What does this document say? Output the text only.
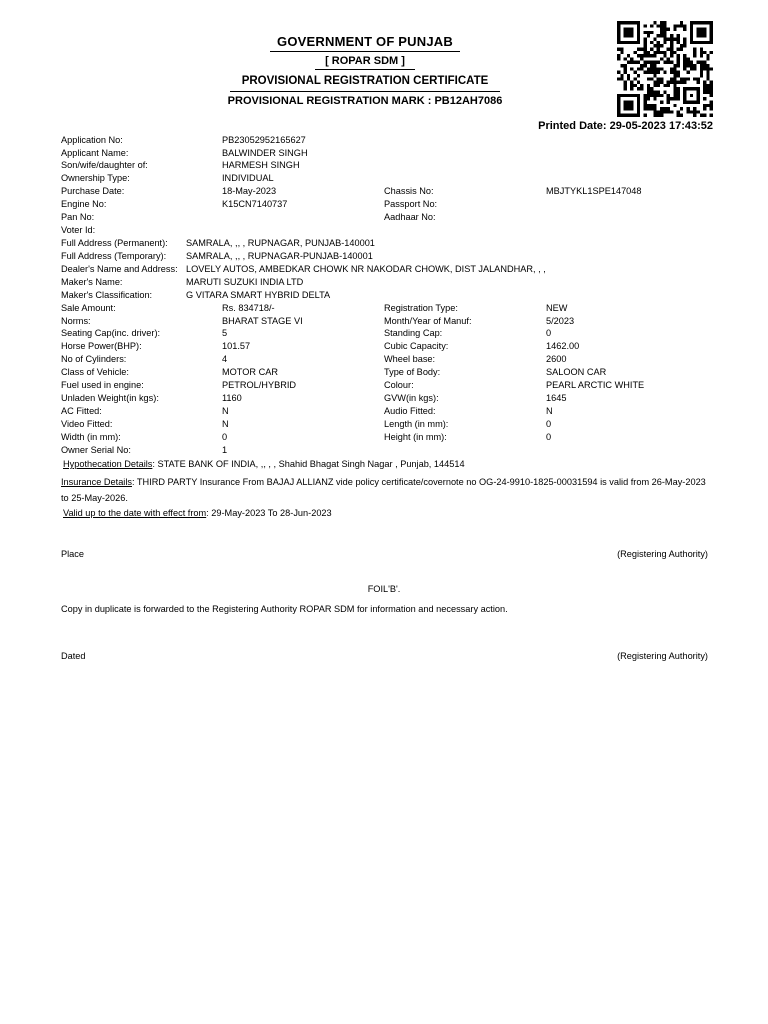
GOVERNMENT OF PUNJAB
[ ROPAR SDM ]
PROVISIONAL REGISTRATION CERTIFICATE
PROVISIONAL REGISTRATION MARK : PB12AH7086
Printed Date: 29-05-2023 17:43:52
Application No:	PB23052952165627
Applicant Name:	BALWINDER SINGH
Son/wife/daughter of:	HARMESH SINGH
Ownership Type:	INDIVIDUAL
Purchase Date:	18-May-2023	Chassis No:	MBJTYKL1SPE147048
Engine No:	K15CN7140737	Passport No:
Pan No:	Aadhaar No:
Voter Id:
Full Address (Permanent): SAMRALA, ,, , RUPNAGAR, PUNJAB-140001
Full Address (Temporary): SAMRALA, ,, , RUPNAGAR-PUNJAB-140001
Dealer's Name and Address: LOVELY AUTOS, AMBEDKAR CHOWK NR NAKODAR CHOWK, DIST JALANDHAR, , ,
Maker's Name:	MARUTI SUZUKI INDIA LTD
Maker's Classification:	G VITARA SMART HYBRID DELTA
Sale Amount:	Rs. 834718/-	Registration Type:	NEW
Norms:	BHARAT STAGE VI	Month/Year of Manuf:	5/2023
Seating Cap(inc. driver):	5	Standing Cap:	0
Horse Power(BHP):	101.57	Cubic Capacity:	1462.00
No of Cylinders:	4	Wheel base:	2600
Class of Vehicle:	MOTOR CAR	Type of Body:	SALOON CAR
Fuel used in engine:	PETROL/HYBRID	Colour:	PEARL ARCTIC WHITE
Unladen Weight(in kgs):	1160	GVW(in kgs):	1645
AC Fitted:	N	Audio Fitted:	N
Video Fitted:	N	Length (in mm):	0
Width (in mm):	0	Height (in mm):	0
Owner Serial No:	1
Hypothecation Details: STATE BANK OF INDIA, ,, , , Shahid Bhagat Singh Nagar , Punjab, 144514
Insurance Details: THIRD PARTY Insurance From BAJAJ ALLIANZ vide policy certificate/covernote no OG-24-9910-1825-00031594 is valid from 26-May-2023 to 25-May-2026.
Valid up to the date with effect from: 29-May-2023 To 28-Jun-2023
Place	(Registering Authority)
FOIL'B'.
Copy in duplicate is forwarded to the Registering Authority ROPAR SDM for information and necessary action.
Dated	(Registering Authority)
